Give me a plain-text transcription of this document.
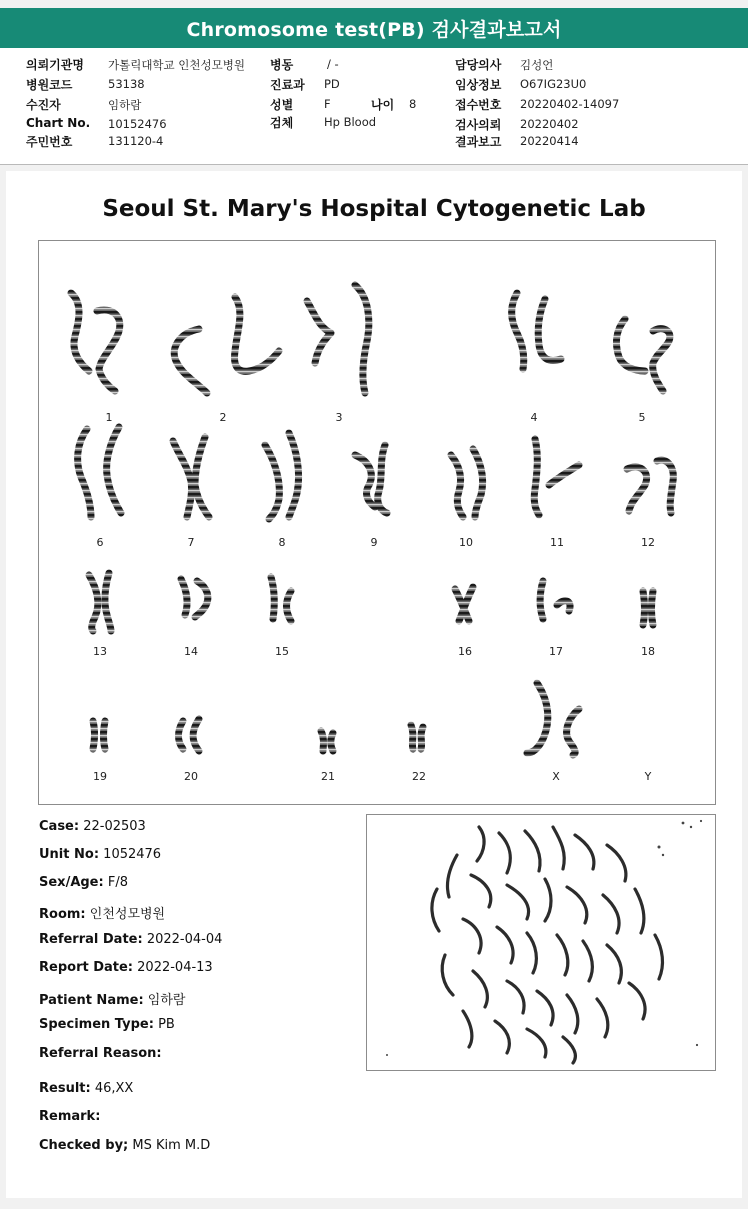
Chromosome test(PB) 검사결과보고서
의뢰기관명 가톨릭대학교 인천성모병원
병원코드	53138
수진자	임하람
Chart No. 10152476
주민번호	131120-4
병동	/ -
진료과 PD
성별	F	나이 8
검체	Hp Blood
담당의사 김성언
임상정보 O67IG23U0
접수번호 20220402-14097
검사의뢰 20220402
결과보고 20220414
Seoul St. Mary's Hospital Cytogenetic Lab
1	2	3	4	5
6	7	8	9	10	11	12
13	14	15	16	17	18
19	20	21	22	X	Y
Case: 22-02503
Unit No: 1052476
Sex/Age: F/8
Room: 인천성모병원
Referral Date: 2022-04-04
Report Date: 2022-04-13
Patient Name: 임하람
Specimen Type: PB
Referral Reason:
Result: 46,XX
Remark:
Checked by; MS Kim M.D
